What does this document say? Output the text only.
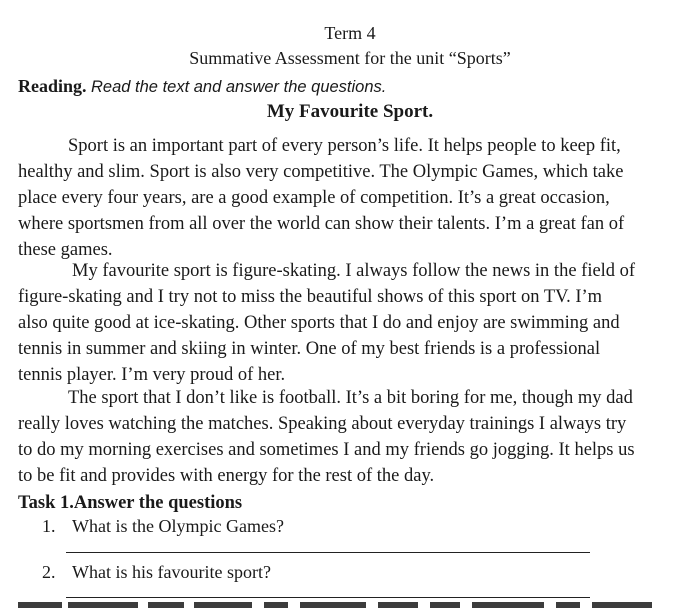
Term 4
Summative Assessment for the unit “Sports”
Reading. Read the text and answer the questions.
My Favourite Sport.
Sport is an important part of every person’s life. It helps people to keep fit,
healthy and slim. Sport is also very competitive. The Olympic Games, which take
place every four years, are a good example of competition. It’s a great occasion,
where sportsmen from all over the world can show their talents. I’m a great fan of
these games.
My favourite sport is figure-skating. I always follow the news in the field of
figure-skating and I try not to miss the beautiful shows of this sport on TV. I’m
also quite good at ice-skating. Other sports that I do and enjoy are swimming and
tennis in summer and skiing in winter. One of my best friends is a professional
tennis player. I’m very proud of her.
The sport that I don’t like is football. It’s a bit boring for me, though my dad
really loves watching the matches. Speaking about everyday trainings I always try
to do my morning exercises and sometimes I and my friends go jogging. It helps us
to be fit and provides with energy for the rest of the day.
Task 1.Answer the questions
1. What is the Olympic Games?
2. What is his favourite sport?
